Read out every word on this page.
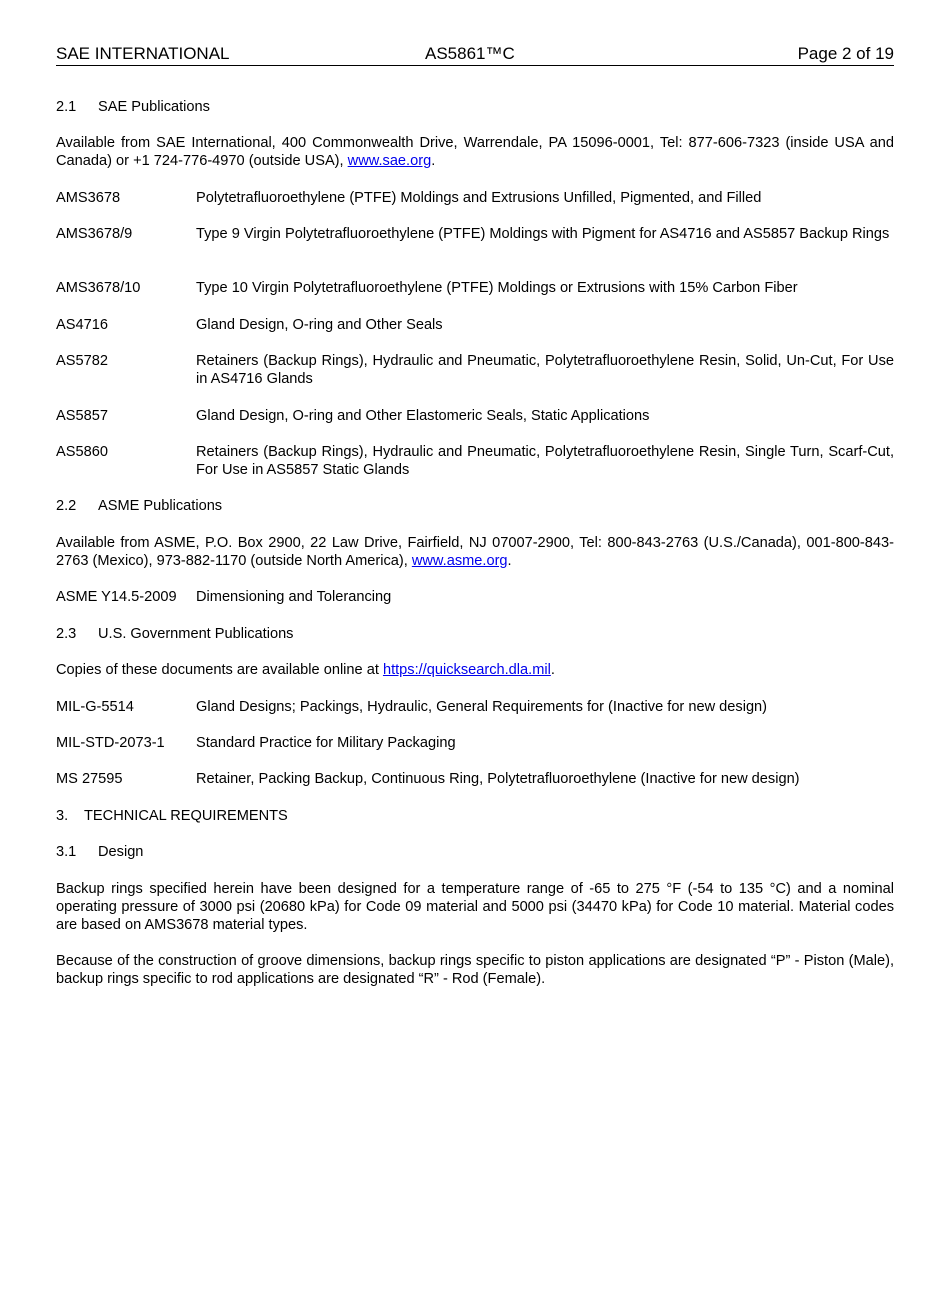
SAE INTERNATIONAL	AS5861™C	Page 2 of 19
2.1 SAE Publications
Available from SAE International, 400 Commonwealth Drive, Warrendale, PA 15096-0001, Tel: 877-606-7323 (inside USA and Canada) or +1 724-776-4970 (outside USA), www.sae.org.
AMS3678	Polytetrafluoroethylene (PTFE) Moldings and Extrusions Unfilled, Pigmented, and Filled
AMS3678/9	Type 9 Virgin Polytetrafluoroethylene (PTFE) Moldings with Pigment for AS4716 and AS5857 Backup Rings
AMS3678/10	Type 10 Virgin Polytetrafluoroethylene (PTFE) Moldings or Extrusions with 15% Carbon Fiber
AS4716	Gland Design, O-ring and Other Seals
AS5782	Retainers (Backup Rings), Hydraulic and Pneumatic, Polytetrafluoroethylene Resin, Solid, Un-Cut, For Use in AS4716 Glands
AS5857	Gland Design, O-ring and Other Elastomeric Seals, Static Applications
AS5860	Retainers (Backup Rings), Hydraulic and Pneumatic, Polytetrafluoroethylene Resin, Single Turn, Scarf-Cut, For Use in AS5857 Static Glands
2.2 ASME Publications
Available from ASME, P.O. Box 2900, 22 Law Drive, Fairfield, NJ 07007-2900, Tel: 800-843-2763 (U.S./Canada), 001-800-843-2763 (Mexico), 973-882-1170 (outside North America), www.asme.org.
ASME Y14.5-2009 Dimensioning and Tolerancing
2.3 U.S. Government Publications
Copies of these documents are available online at https://quicksearch.dla.mil.
MIL-G-5514	Gland Designs; Packings, Hydraulic, General Requirements for (Inactive for new design)
MIL-STD-2073-1 Standard Practice for Military Packaging
MS 27595	Retainer, Packing Backup, Continuous Ring, Polytetrafluoroethylene (Inactive for new design)
3. TECHNICAL REQUIREMENTS
3.1 Design
Backup rings specified herein have been designed for a temperature range of -65 to 275 °F (-54 to 135 °C) and a nominal operating pressure of 3000 psi (20680 kPa) for Code 09 material and 5000 psi (34470 kPa) for Code 10 material. Material codes are based on AMS3678 material types.
Because of the construction of groove dimensions, backup rings specific to piston applications are designated “P” - Piston (Male), backup rings specific to rod applications are designated “R” - Rod (Female).
